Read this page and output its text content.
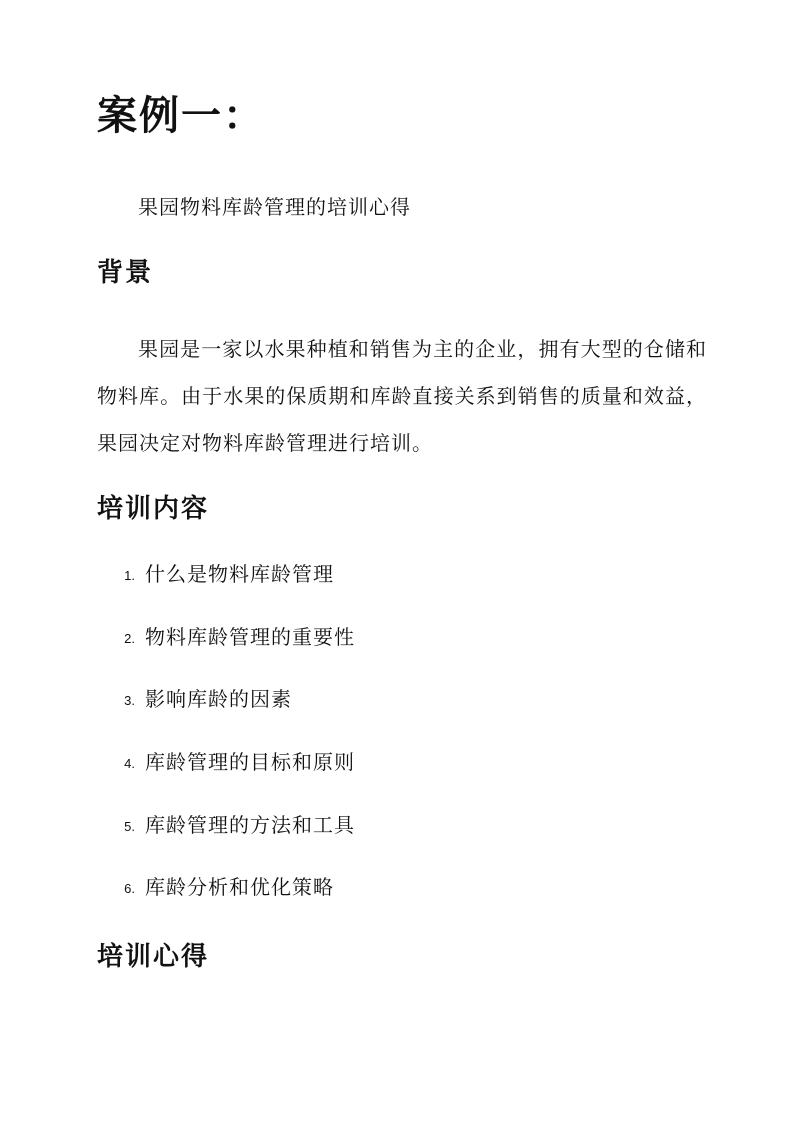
案例一：
果园物料库龄管理的培训心得
背景

果园是一家以水果种植和销售为主的企业，拥有大型的仓储和物料库。由于水果的保质期和库龄直接关系到销售的质量和效益，果园决定对物料库龄管理进行培训。

培训内容
1. 什么是物料库龄管理
2. 物料库龄管理的重要性
3. 影响库龄的因素
4. 库龄管理的目标和原则
5. 库龄管理的方法和工具
6. 库龄分析和优化策略
培训心得
